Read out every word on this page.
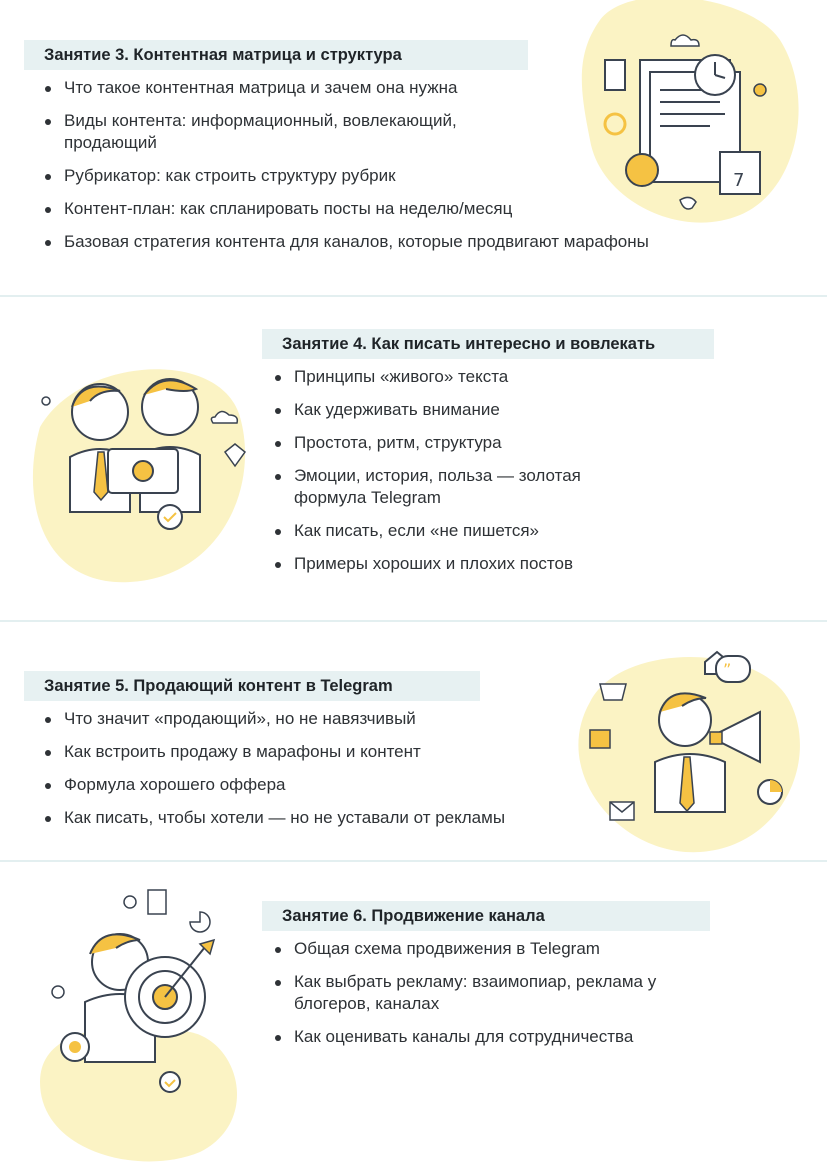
7
Занятие 3. Контентная матрица и структура
Что такое контентная матрица и зачем она нужна
Виды контента: информационный, вовлекающий, продающий
Рубрикатор: как строить структуру рубрик
Контент-план: как спланировать посты на неделю/месяц
Базовая стратегия контента для каналов, которые продвигают марафоны
Занятие 4. Как писать интересно и вовлекать
Принципы «живого» текста
Как удерживать внимание
Простота, ритм, структура
Эмоции, история, польза — золотая формула Telegram
Как писать, если «не пишется»
Примеры хороших и плохих постов
”
Занятие 5. Продающий контент в Telegram
Что значит «продающий», но не навязчивый
Как встроить продажу в марафоны и контент
Формула хорошего оффера
Как писать, чтобы хотели — но не уставали от рекламы
Занятие 6. Продвижение канала
Общая схема продвижения в Telegram
Как выбрать рекламу: взаимопиар, реклама у блогеров, каналах
Как оценивать каналы для сотрудничества
